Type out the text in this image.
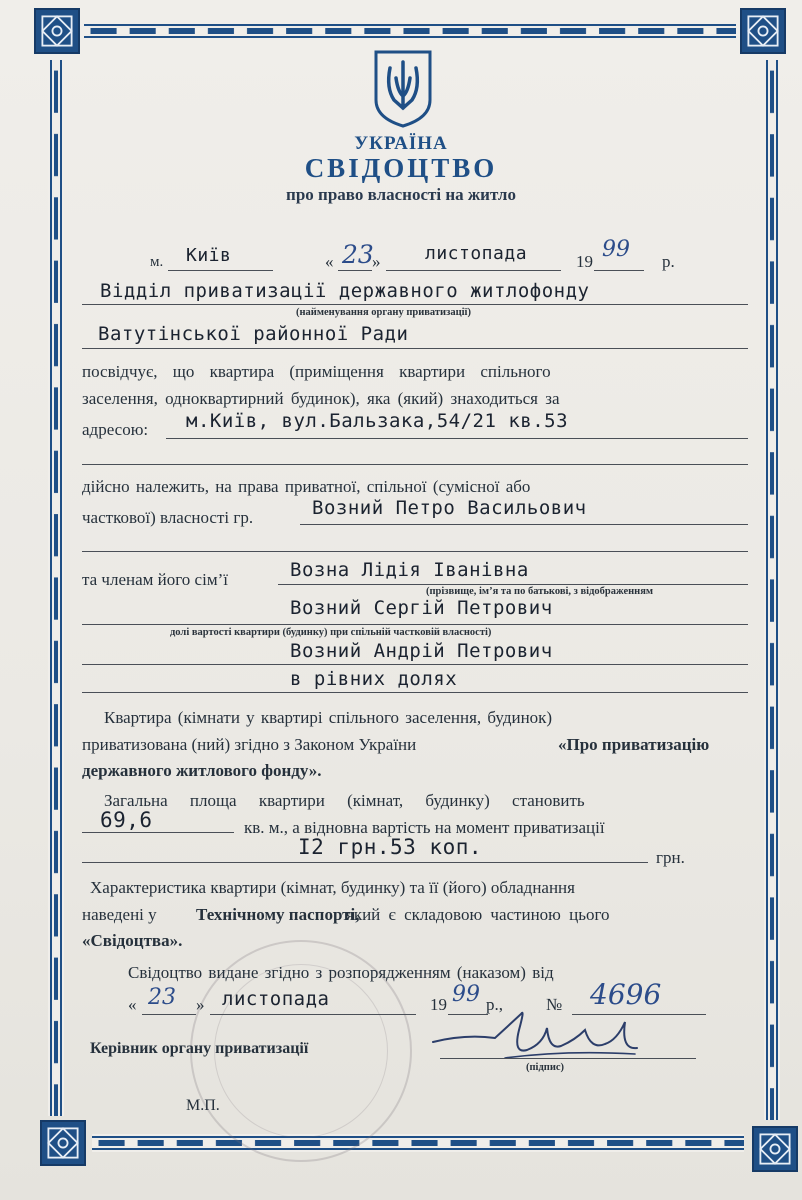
УКРАЇНА
СВІДОЦТВО
про право власності на житло
м. Київ	« 23
» листопада	19 99 р.
Відділ приватизації державного житлофонду
(найменування органу приватизації)
Ватутінської районної Ради
посвідчує, що квартира (приміщення квартири спільного
заселення, одноквартирний будинок), яка (який) знаходиться за
адресою: м.Київ, вул.Бальзака,54/21 кв.53
дійсно належить, на права приватної, спільної (сумісної або
часткової) власності гр.	Возний Петро Васильович
та членам його сім’ї	Возна Лідія Іванівна
(прізвище, ім’я та по батькові, з відображенням
Возний Сергій Петрович
долі вартості квартири (будинку) при спільній частковій власності)
Возний Андрій Петрович
в рівних долях
Квартира (кімнати у квартирі спільного заселення, будинок)
приватизована (ний) згідно з Законом України	«Про приватизацію
державного житлового фонду».
Загальна площа квартири (кімнат, будинку) становить
69,6	кв. м., а відновна вартість на момент приватизації
I2 грн.53 коп.	грн.
Характеристика квартири (кімнат, будинку) та її (його) обладнання
наведені у Технічному паспорті,
який є складовою частиною цього
«Свідоцтва».
Свідоцтво видане згідно з розпорядженням (наказом) від
« 23 » листопада	19 99 р.,	№ 4696
Керівник органу приватизації
(підпис)
М.П.
